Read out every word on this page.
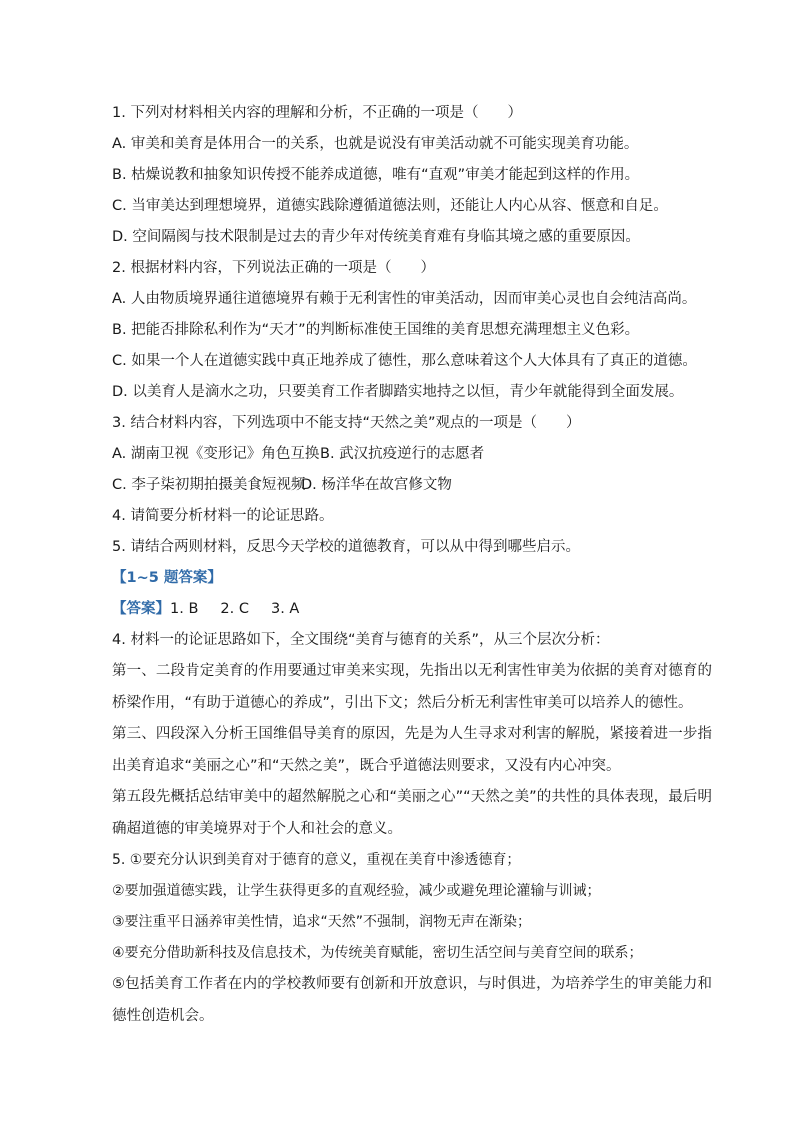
1. 下列对材料相关内容的理解和分析，不正确的一项是（　　）
A. 审美和美育是体用合一的关系，也就是说没有审美活动就不可能实现美育功能。
B. 枯燥说教和抽象知识传授不能养成道德，唯有“直观”审美才能起到这样的作用。
C. 当审美达到理想境界，道德实践除遵循道德法则，还能让人内心从容、惬意和自足。
D. 空间隔阂与技术限制是过去的青少年对传统美育难有身临其境之感的重要原因。
2. 根据材料内容，下列说法正确的一项是（　　）
A. 人由物质境界通往道德境界有赖于无利害性的审美活动，因而审美心灵也自会纯洁高尚。
B. 把能否排除私利作为“天才”的判断标准使王国维的美育思想充满理想主义色彩。
C. 如果一个人在道德实践中真正地养成了德性，那么意味着这个人大体具有了真正的道德。
D. 以美育人是滴水之功，只要美育工作者脚踏实地持之以恒，青少年就能得到全面发展。
3. 结合材料内容，下列选项中不能支持“天然之美”观点的一项是（　　）
A. 湖南卫视《变形记》角色互换B. 武汉抗疫逆行的志愿者
C. 李子柒初期拍摄美食短视频D. 杨洋华在故宫修文物
4. 请简要分析材料一的论证思路。
5. 请结合两则材料，反思今天学校的道德教育，可以从中得到哪些启示。
【1~5 题答案】
【答案】1. B 2. C 3. A
4. 材料一的论证思路如下，全文围绕“美育与德育的关系”，从三个层次分析：
第一、二段肯定美育的作用要通过审美来实现，先指出以无利害性审美为依据的美育对德育的桥梁作用，“有助于道德心的养成”，引出下文；然后分析无利害性审美可以培养人的德性。
第三、四段深入分析王国维倡导美育的原因，先是为人生寻求对利害的解脱，紧接着进一步指出美育追求“美丽之心”和“天然之美”，既合乎道德法则要求，又没有内心冲突。
第五段先概括总结审美中的超然解脱之心和“美丽之心”“天然之美”的共性的具体表现，最后明确超道德的审美境界对于个人和社会的意义。
5. ①要充分认识到美育对于德育的意义，重视在美育中渗透德育；
②要加强道德实践，让学生获得更多的直观经验，减少或避免理论灌输与训诫；
③要注重平日涵养审美性情，追求“天然”不强制，润物无声在渐染；
④要充分借助新科技及信息技术，为传统美育赋能，密切生活空间与美育空间的联系；
⑤包括美育工作者在内的学校教师要有创新和开放意识，与时俱进，为培养学生的审美能力和德性创造机会。
